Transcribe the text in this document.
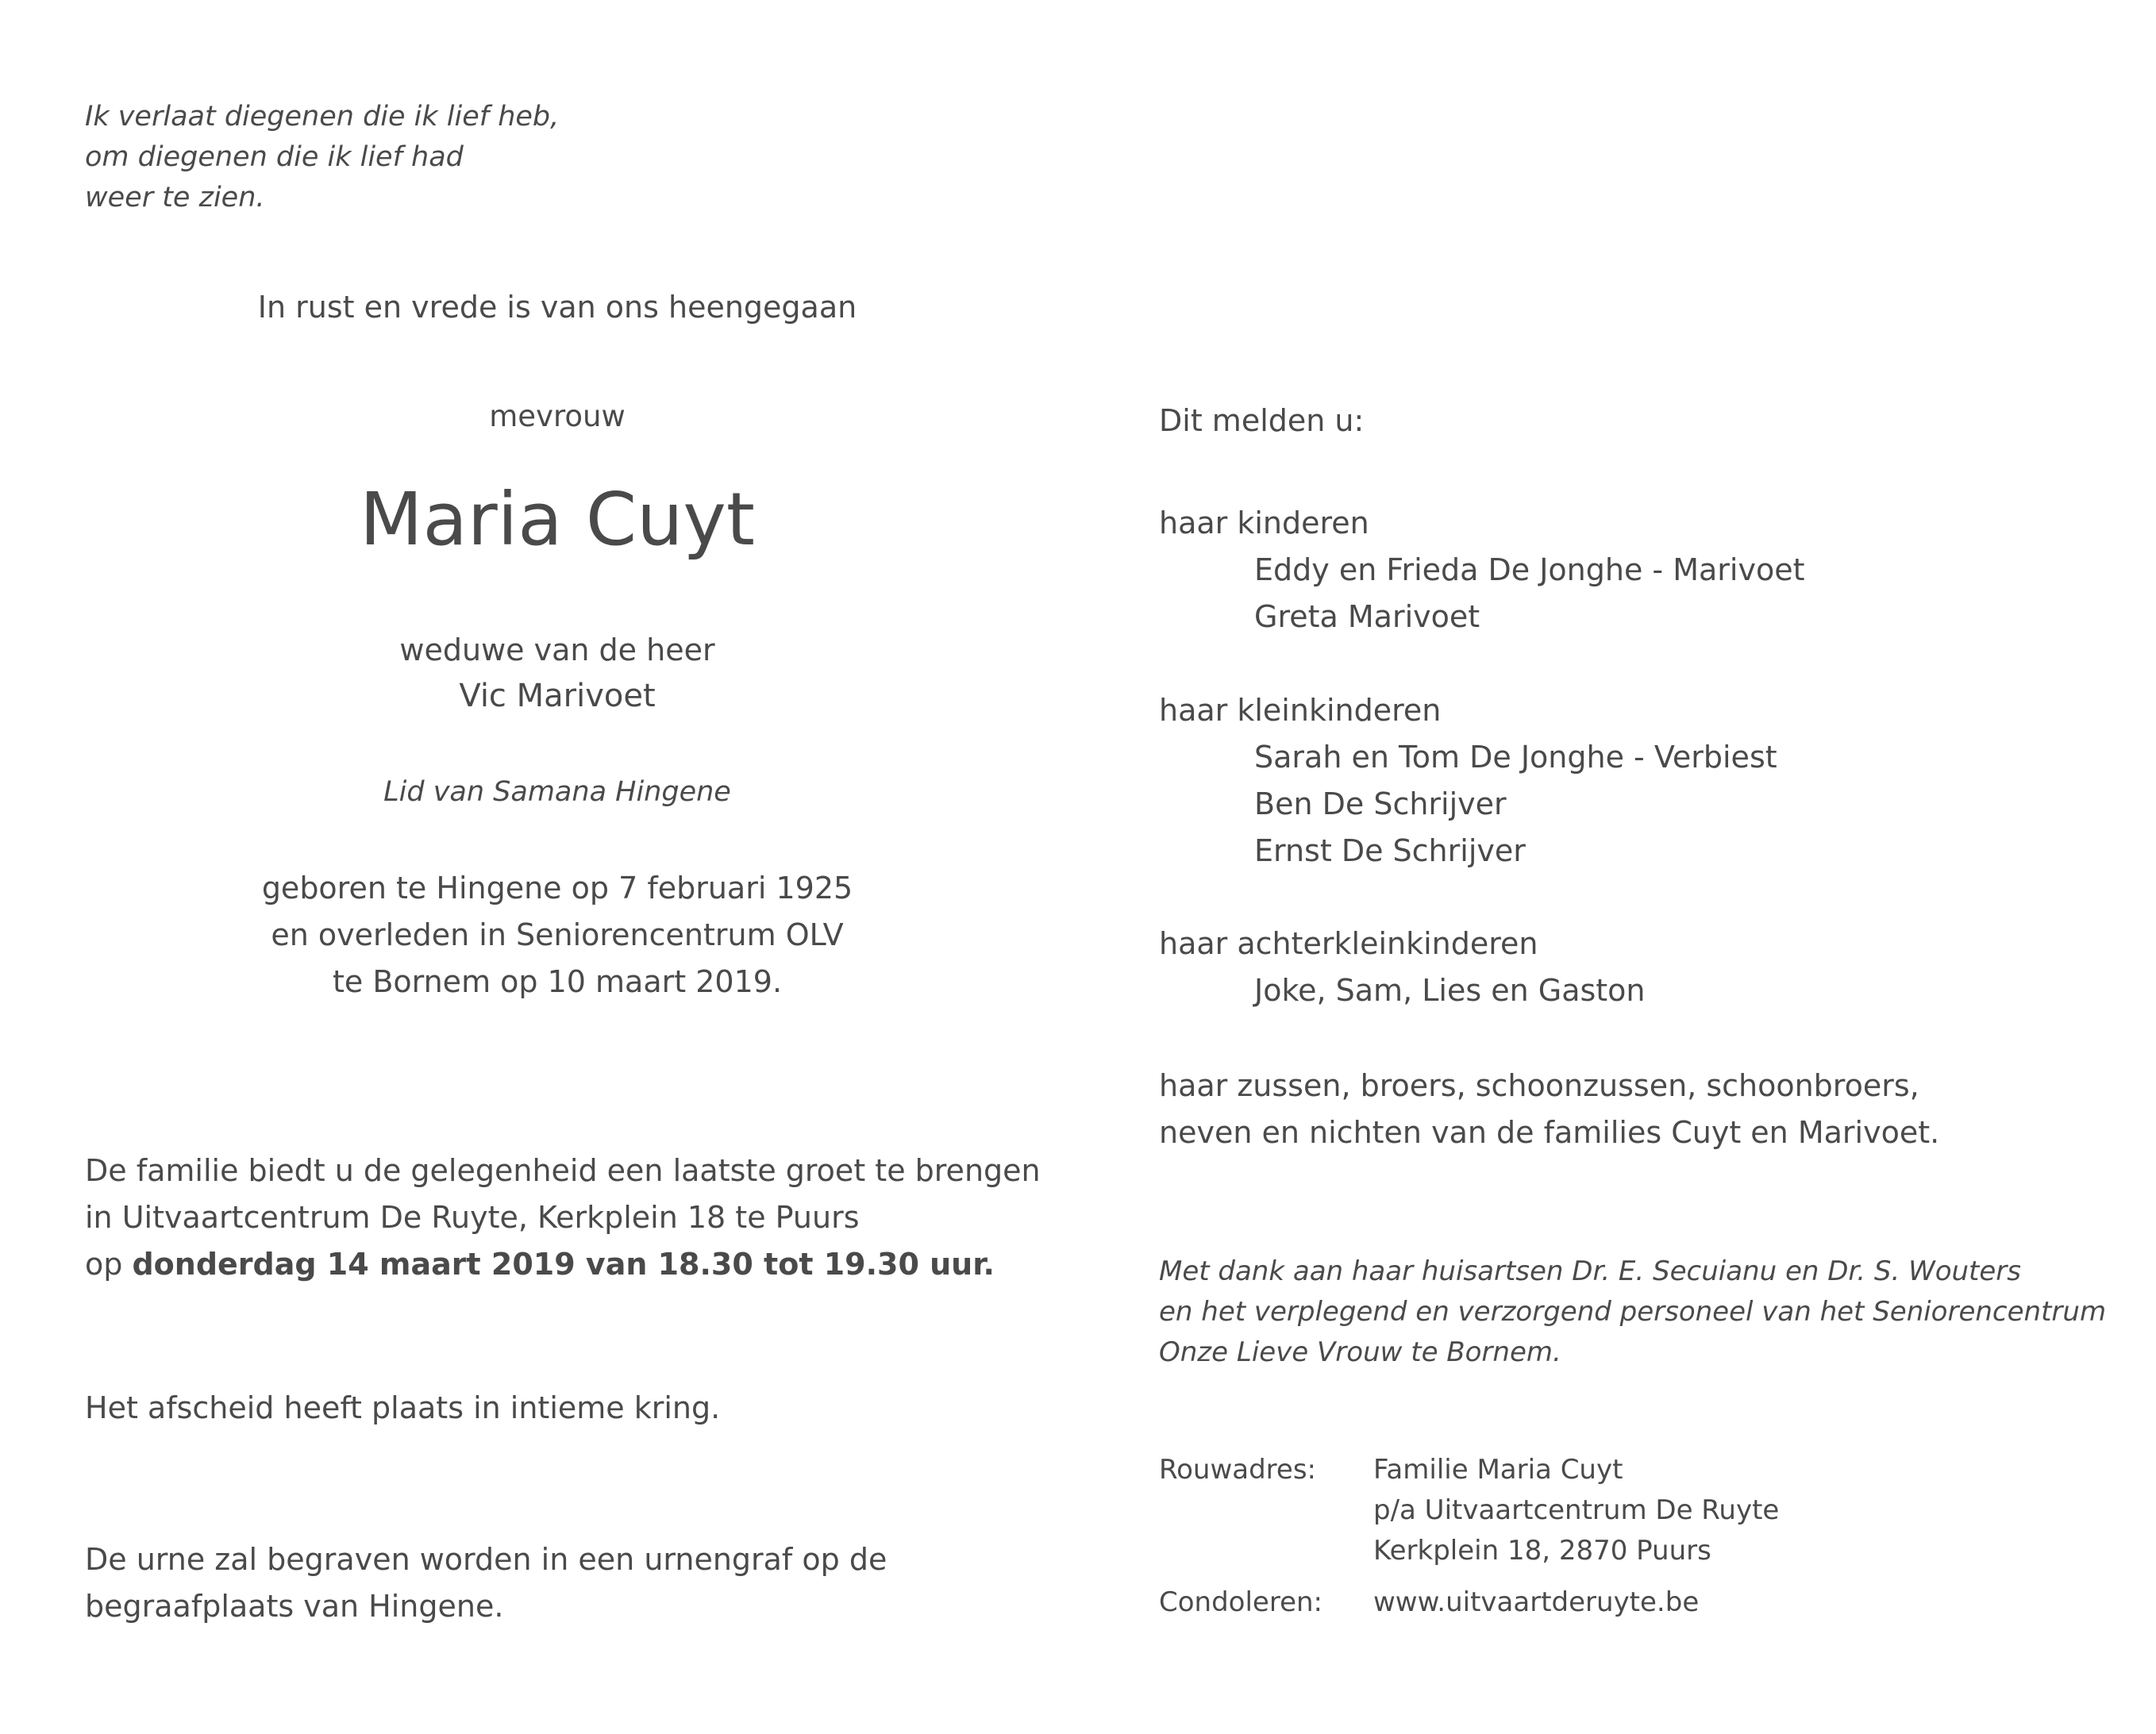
Ik verlaat diegenen die ik lief heb,
om diegenen die ik lief had
weer te zien.
In rust en vrede is van ons heengegaan
mevrouw
Maria Cuyt
weduwe van de heer
Vic Marivoet
Lid van Samana Hingene
geboren te Hingene op 7 februari 1925
en overleden in Seniorencentrum OLV
te Bornem op 10 maart 2019.
De familie biedt u de gelegenheid een laatste groet te brengen
in Uitvaartcentrum De Ruyte, Kerkplein 18 te Puurs
op donderdag 14 maart 2019 van 18.30 tot 19.30 uur.
Het afscheid heeft plaats in intieme kring.
De urne zal begraven worden in een urnengraf op de
begraafplaats van Hingene.
Dit melden u:
haar kinderen
Eddy en Frieda De Jonghe - Marivoet
Greta Marivoet
haar kleinkinderen
Sarah en Tom De Jonghe - Verbiest
Ben De Schrijver
Ernst De Schrijver
haar achterkleinkinderen
Joke, Sam, Lies en Gaston
haar zussen, broers, schoonzussen, schoonbroers,
neven en nichten van de families Cuyt en Marivoet.
Met dank aan haar huisartsen Dr. E. Secuianu en Dr. S. Wouters
en het verplegend en verzorgend personeel van het Seniorencentrum
Onze Lieve Vrouw te Bornem.
Rouwadres: Familie Maria Cuyt
p/a Uitvaartcentrum De Ruyte
Kerkplein 18, 2870 Puurs
Condoleren: www.uitvaartderuyte.be
